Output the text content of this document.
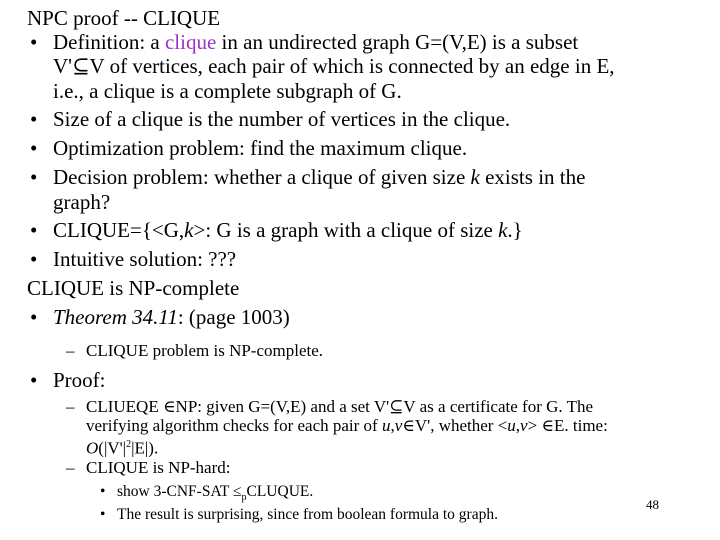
NPC proof -- CLIQUE
• Definition: a clique in an undirected graph G=(V,E) is a subset
V'⊆V of vertices, each pair of which is connected by an edge in E,
i.e., a clique is a complete subgraph of G.
• Size of a clique is the number of vertices in the clique.
• Optimization problem: find the maximum clique.
• Decision problem: whether a clique of given size k exists in the
graph?
• CLIQUE={<G,k>: G is a graph with a clique of size k.}
• Intuitive solution: ???
CLIQUE is NP-complete
• Theorem 34.11: (page 1003)
– CLIQUE problem is NP-complete.
• Proof:
– CLIUEQE ∈NP: given G=(V,E) and a set V'⊆V as a certificate for G. The
verifying algorithm checks for each pair of u,v∈V', whether <u,v> ∈E. time:
$O(|V'|^2|E|)$.
– CLIQUE is NP-hard:
• show $3-CNF-SAT \le_pCLUQUE$.
• The result is surprising, since from boolean formula to graph.
48
